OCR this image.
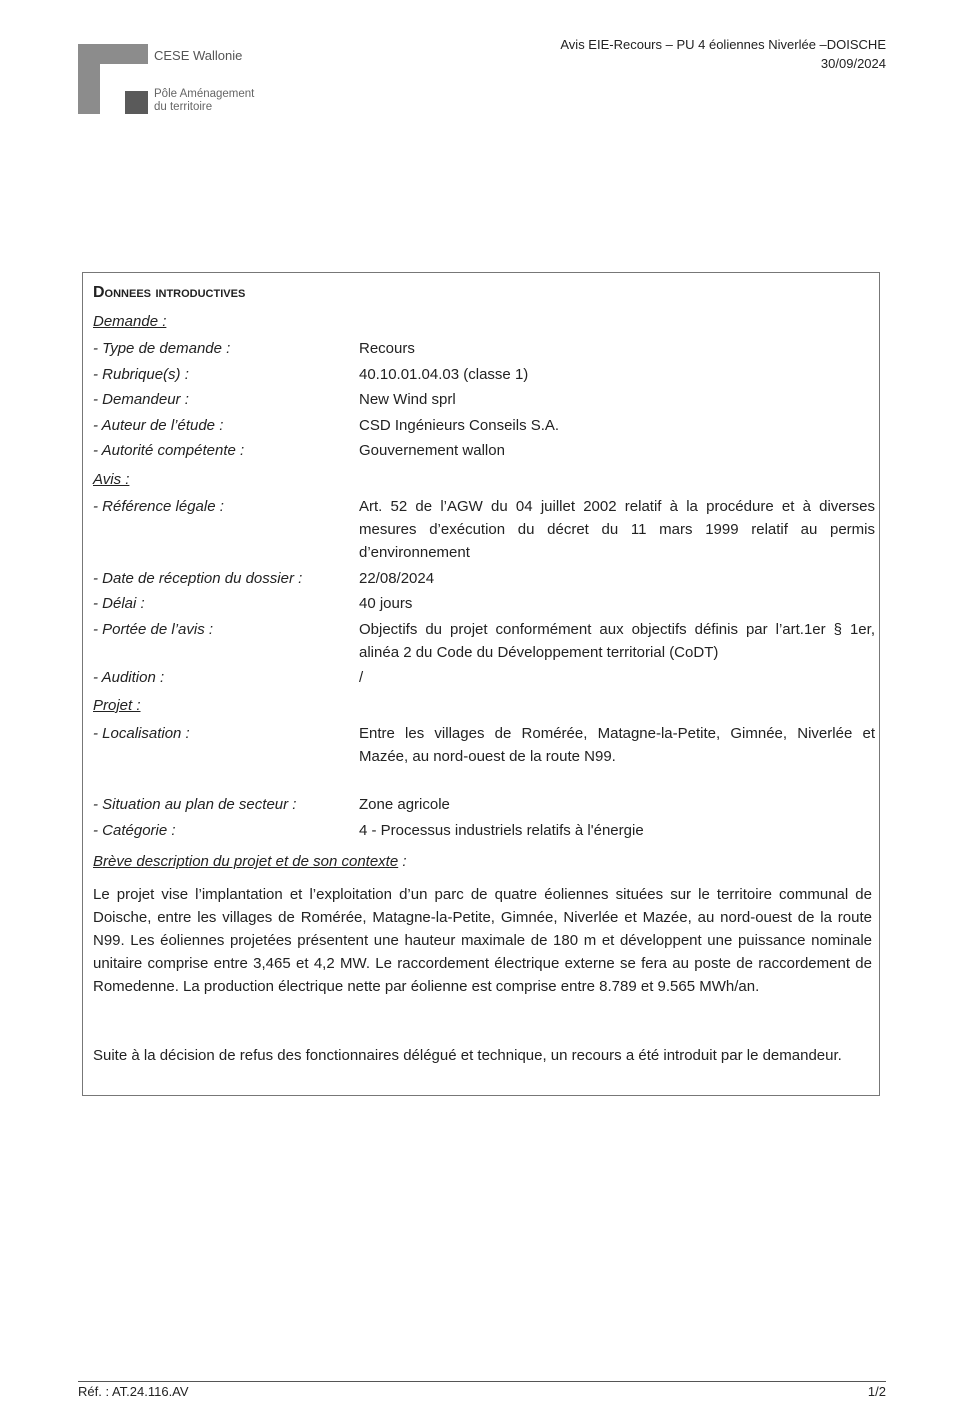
CESE Wallonie
Pôle Aménagement
du territoire
Avis EIE-Recours – PU 4 éoliennes Niverlée –DOISCHE
30/09/2024
Donnees introductives
Demande :
- Type de demande :	Recours
- Rubrique(s) :	40.10.01.04.03 (classe 1)
- Demandeur :	New Wind sprl
- Auteur de l’étude :	CSD Ingénieurs Conseils S.A.
- Autorité compétente :	Gouvernement wallon
Avis :
- Référence légale :	Art. 52 de l’AGW du 04 juillet 2002 relatif à la procédure et à diverses mesures d’exécution du décret du 11 mars 1999 relatif au permis d’environnement
- Date de réception du dossier :	22/08/2024
- Délai :	40 jours
- Portée de l’avis :	Objectifs du projet conformément aux objectifs définis par l’art.1er § 1er, alinéa 2 du Code du Développement territorial (CoDT)
- Audition :	/
Projet :
- Localisation :	Entre les villages de Romérée, Matagne-la-Petite, Gimnée, Niverlée et Mazée, au nord-ouest de la route N99.
- Situation au plan de secteur :	Zone agricole
- Catégorie :	4 - Processus industriels relatifs à l'énergie
Brève description du projet et de son contexte :
Le projet vise l’implantation et l’exploitation d’un parc de quatre éoliennes situées sur le territoire communal de Doische, entre les villages de Romérée, Matagne-la-Petite, Gimnée, Niverlée et Mazée, au nord-ouest de la route N99. Les éoliennes projetées présentent une hauteur maximale de 180 m et développent une puissance nominale unitaire comprise entre 3,465 et 4,2 MW. Le raccordement électrique externe se fera au poste de raccordement de Romedenne. La production électrique nette par éolienne est comprise entre 8.789 et 9.565 MWh/an.
Suite à la décision de refus des fonctionnaires délégué et technique, un recours a été introduit par le demandeur.
Réf. : AT.24.116.AV	1/2
